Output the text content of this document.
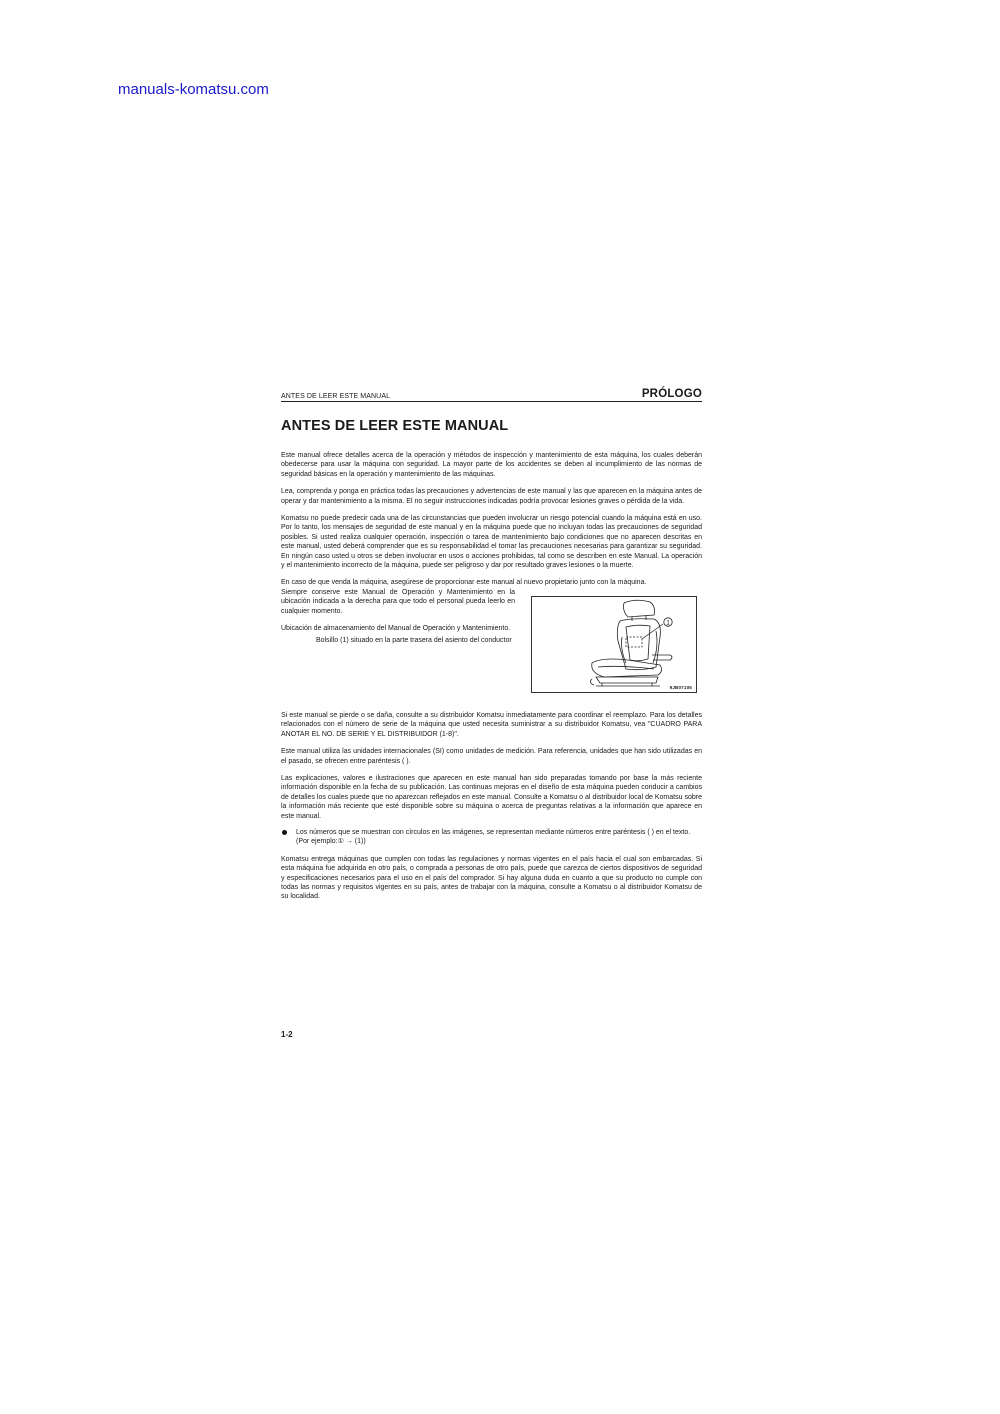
manuals-komatsu.com
ANTES DE LEER ESTE MANUAL	PRÓLOGO
ANTES DE LEER ESTE MANUAL

Este manual ofrece detalles acerca de la operación y métodos de inspección y mantenimiento de esta máquina, los cuales deberán obedecerse para usar la máquina con seguridad. La mayor parte de los accidentes se deben al incumplimiento de las normas de seguridad básicas en la operación y mantenimiento de las máquinas.

Lea, comprenda y ponga en práctica todas las precauciones y advertencias de este manual y las que aparecen en la máquina antes de operar y dar mantenimiento a la misma. El no seguir instrucciones indicadas podría provocar lesiones graves o pérdida de la vida.

Komatsu no puede predecir cada una de las circunstancias que pueden involucrar un riesgo potencial cuando la máquina está en uso. Por lo tanto, los mensajes de seguridad de este manual y en la máquina puede que no incluyan todas las precauciones de seguridad posibles. Si usted realiza cualquier operación, inspección o tarea de mantenimiento bajo condiciones que no aparecen descritas en este manual, usted deberá comprender que es su responsabilidad el tomar las precauciones necesarias para garantizar su seguridad. En ningún caso usted u otros se deben involucrar en usos o acciones prohibidas, tal como se describen en este Manual. La operación y el mantenimiento incorrecto de la máquina, puede ser peligroso y dar por resultado graves lesiones o la muerte.

En caso de que venda la máquina, asegúrese de proporcionar este manual al nuevo propietario junto con la máquina.

Siempre conserve este Manual de Operación y Mantenimiento en la ubicación indicada a la derecha para que todo el personal pueda leerlo en cualquier momento.

Ubicación de almacenamiento del Manual de Operación y Mantenimiento.

Bolsillo (1) situado en la parte trasera del asiento del conductor

1
9JB07105

Si este manual se pierde o se daña, consulte a su distribuidor Komatsu inmediatamente para coordinar el reemplazo. Para los detalles relacionados con el número de serie de la máquina que usted necesita suministrar a su distribuidor Komatsu, vea "CUADRO PARA ANOTAR EL NO. DE SERIE Y EL DISTRIBUIDOR (1-8)".

Este manual utiliza las unidades internacionales (SI) como unidades de medición. Para referencia, unidades que han sido utilizadas en el pasado, se ofrecen entre paréntesis ( ).

Las explicaciones, valores e ilustraciones que aparecen en este manual han sido preparadas tomando por base la más reciente información disponible en la fecha de su publicación. Las continuas mejoras en el diseño de esta máquina pueden conducir a cambios de detalles los cuales puede que no aparezcan reflejados en este manual. Consulte a Komatsu o al distribuidor local de Komatsu sobre la información más reciente que esté disponible sobre su máquina o acerca de preguntas relativas a la información que aparece en este manual.

Los números que se muestran con círculos en las imágenes, se representan mediante números entre paréntesis ( ) en el texto.

(Por ejemplo:① → (1))

Komatsu entrega máquinas que cumplen con todas las regulaciones y normas vigentes en el país hacia el cual son embarcadas. Si esta máquina fue adquirida en otro país, o comprada a personas de otro país, puede que carezca de ciertos dispositivos de seguridad y especificaciones necesarios para el uso en el país del comprador. Si hay alguna duda en cuanto a que su producto no cumple con todas las normas y requisitos vigentes en su país, antes de trabajar con la máquina, consulte a Komatsu o al distribuidor Komatsu de su localidad.

1-2
